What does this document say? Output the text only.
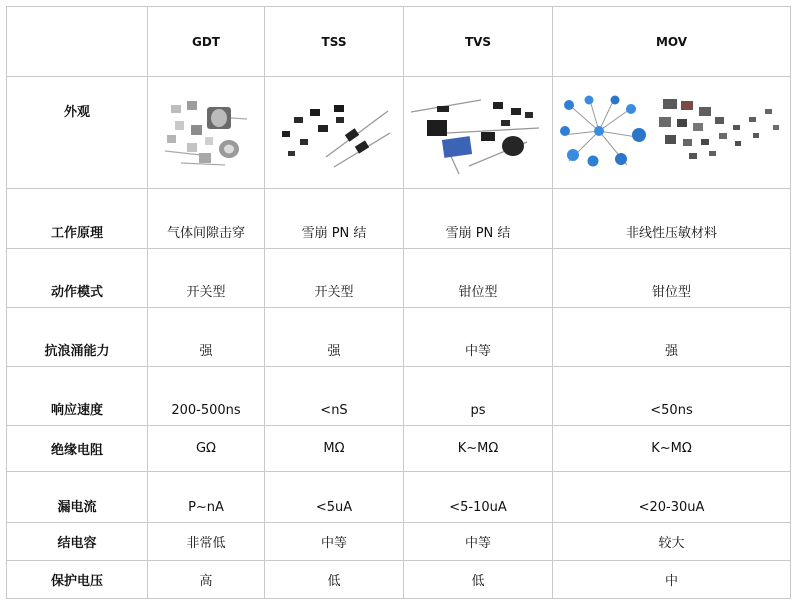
	GDT	TSS	TVS	MOV
外观	

工作原理	气体间隙击穿	雪崩 PN 结	雪崩 PN 结	非线性压敏材料
动作模式	开关型	开关型	钳位型	钳位型
抗浪涌能力	强	强	中等	强
响应速度	200-500ns	<nS	ps	<50ns
绝缘电阻	GΩ	MΩ	K~MΩ	K~MΩ
漏电流	P~nA	<5uA	<5-10uA	<20-30uA
结电容	非常低	中等	中等	较大
保护电压	高	低	低	中
